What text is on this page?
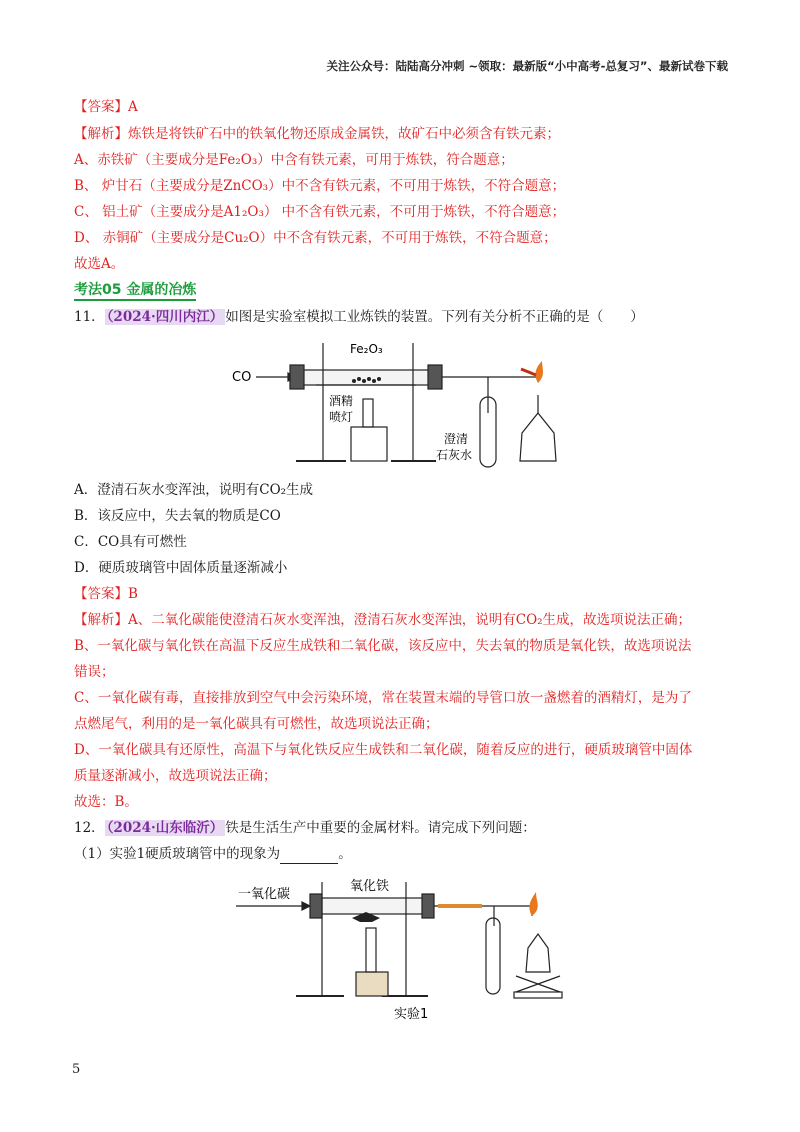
关注公众号：陆陆高分冲刺 ~领取：最新版“小中高考-总复习”、最新试卷下载
【答案】A
【解析】炼铁是将铁矿石中的铁氧化物还原成金属铁，故矿石中必须含有铁元素；
A、赤铁矿（主要成分是Fe₂O₃）中含有铁元素，可用于炼铁，符合题意；
B、 炉甘石（主要成分是ZnCO₃）中不含有铁元素，不可用于炼铁，不符合题意；
C、 铝土矿（主要成分是A1₂O₃） 中不含有铁元素，不可用于炼铁，不符合题意；
D、 赤铜矿（主要成分是Cu₂O）中不含有铁元素，不可用于炼铁，不符合题意；
故选A。
考法05 金属的冶炼
11． （2024·四川内江） 如图是实验室模拟工业炼铁的装置。下列有关分析不正确的是（　　）
CO
Fe₂O₃
酒精
喷灯
澄清
石灰水
A．澄清石灰水变浑浊，说明有CO₂生成
B．该反应中，失去氧的物质是CO
C．CO具有可燃性
D．硬质玻璃管中固体质量逐渐减小
【答案】B
【解析】A、二氧化碳能使澄清石灰水变浑浊，澄清石灰水变浑浊，说明有CO₂生成，故选项说法正确；
B、一氧化碳与氧化铁在高温下反应生成铁和二氧化碳，该反应中，失去氧的物质是氧化铁，故选项说法
错误；
C、一氧化碳有毒，直接排放到空气中会污染环境，常在装置末端的导管口放一盏燃着的酒精灯，是为了
点燃尾气，利用的是一氧化碳具有可燃性，故选项说法正确；
D、一氧化碳具有还原性，高温下与氧化铁反应生成铁和二氧化碳，随着反应的进行，硬质玻璃管中固体
质量逐渐减小，故选项说法正确；
故选：B。
12． （2024·山东临沂） 铁是生活生产中重要的金属材料。请完成下列问题：
（1）实验1硬质玻璃管中的现象为	。
一氧化碳
氧化铁
实验1
5
